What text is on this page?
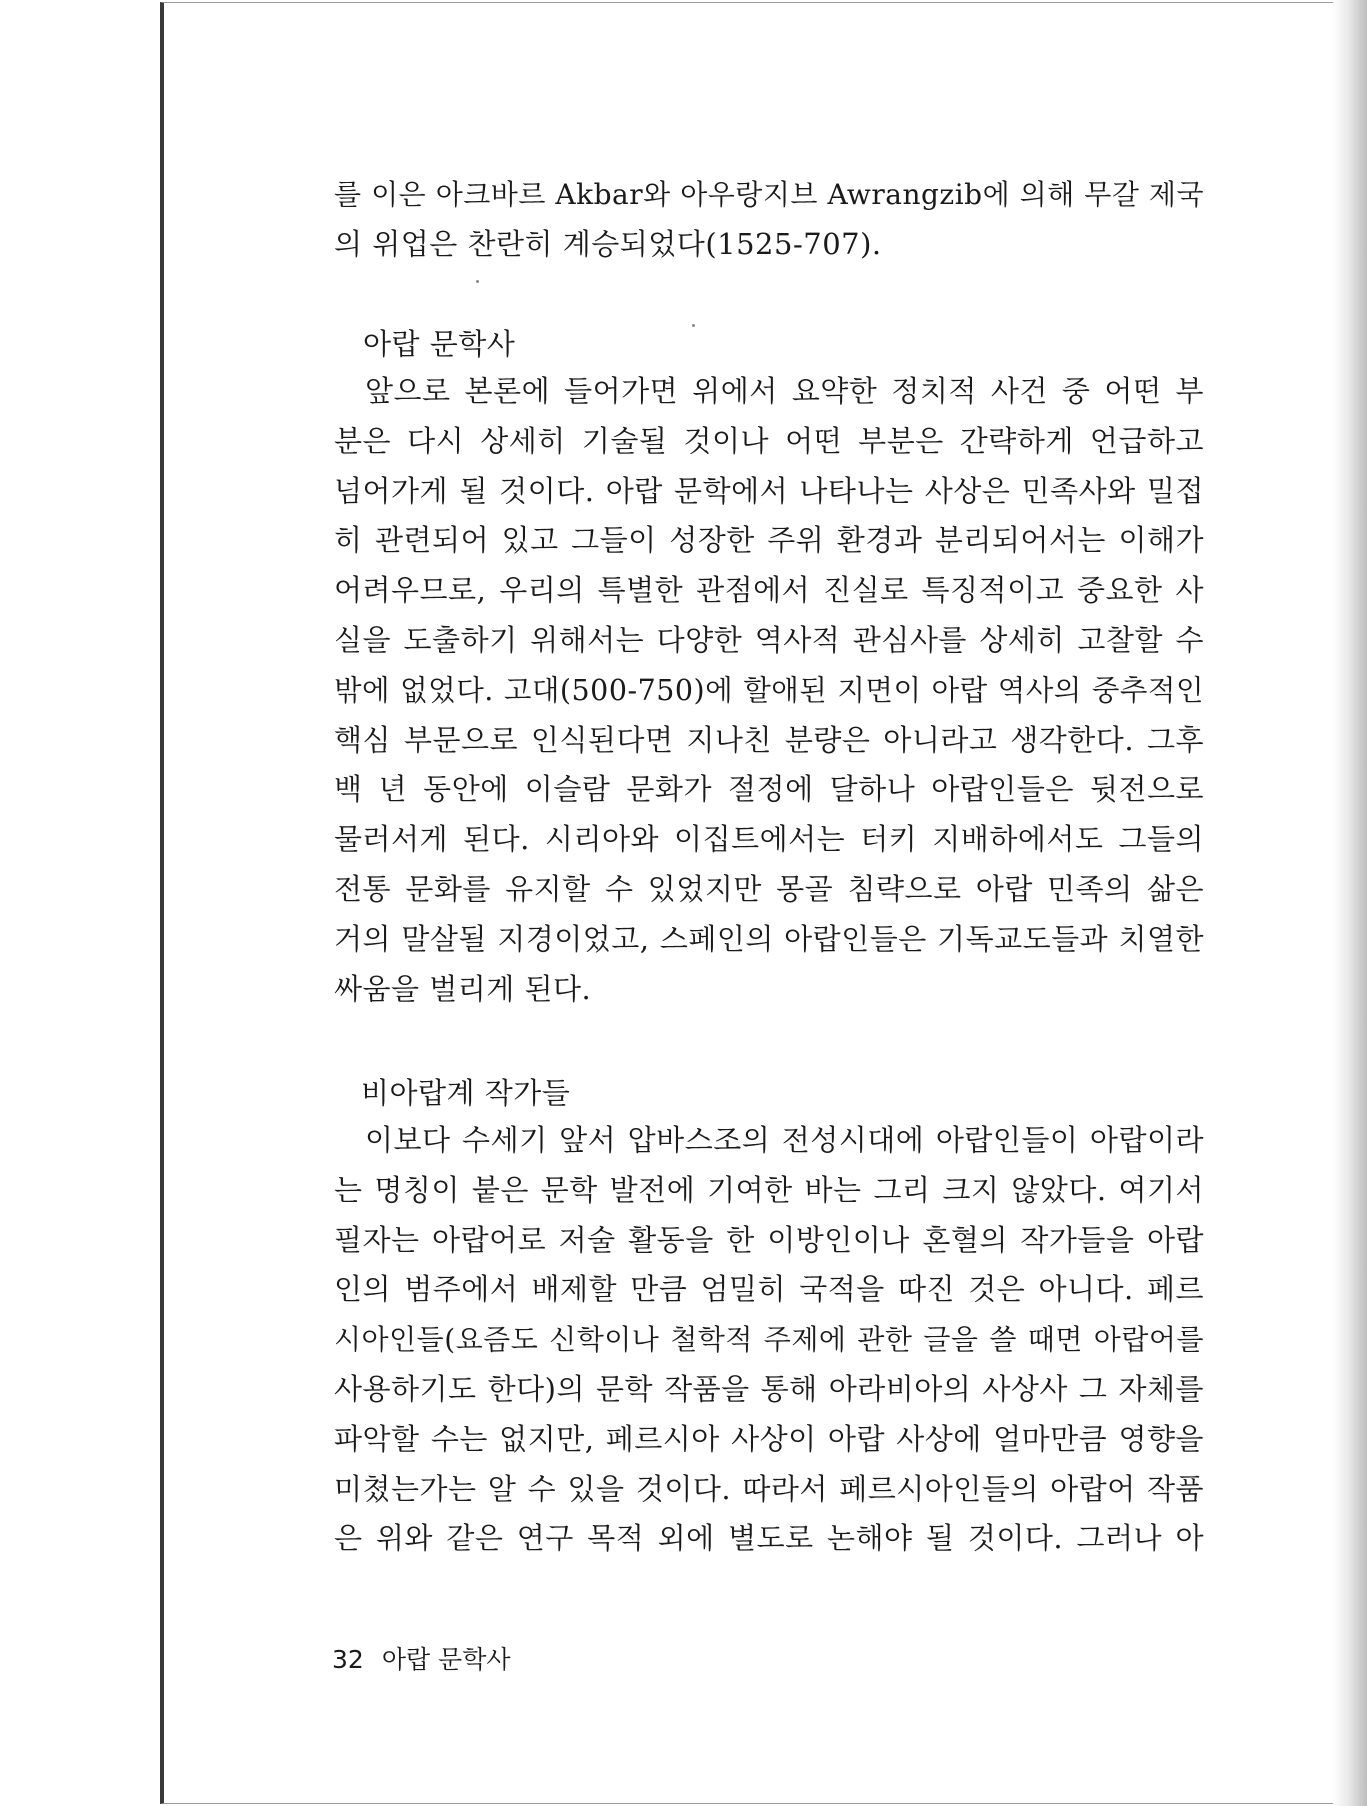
를 이은 아크바르 Akbar와 아우랑지브 Awrangzib에 의해 무갈 제국
의 위업은 찬란히 계승되었다(1525-707).
아랍 문학사
앞으로 본론에 들어가면 위에서 요약한 정치적 사건 중 어떤 부
분은 다시 상세히 기술될 것이나 어떤 부분은 간략하게 언급하고
넘어가게 될 것이다. 아랍 문학에서 나타나는 사상은 민족사와 밀접
히 관련되어 있고 그들이 성장한 주위 환경과 분리되어서는 이해가
어려우므로, 우리의 특별한 관점에서 진실로 특징적이고 중요한 사
실을 도출하기 위해서는 다양한 역사적 관심사를 상세히 고찰할 수
밖에 없었다. 고대(500-750)에 할애된 지면이 아랍 역사의 중추적인
핵심 부문으로 인식된다면 지나친 분량은 아니라고 생각한다. 그후
백 년 동안에 이슬람 문화가 절정에 달하나 아랍인들은 뒷전으로
물러서게 된다. 시리아와 이집트에서는 터키 지배하에서도 그들의
전통 문화를 유지할 수 있었지만 몽골 침략으로 아랍 민족의 삶은
거의 말살될 지경이었고, 스페인의 아랍인들은 기독교도들과 치열한
싸움을 벌리게 된다.
비아랍계 작가들
이보다 수세기 앞서 압바스조의 전성시대에 아랍인들이 아랍이라
는 명칭이 붙은 문학 발전에 기여한 바는 그리 크지 않았다. 여기서
필자는 아랍어로 저술 활동을 한 이방인이나 혼혈의 작가들을 아랍
인의 범주에서 배제할 만큼 엄밀히 국적을 따진 것은 아니다. 페르
시아인들(요즘도 신학이나 철학적 주제에 관한 글을 쓸 때면 아랍어를
사용하기도 한다)의 문학 작품을 통해 아라비아의 사상사 그 자체를
파악할 수는 없지만, 페르시아 사상이 아랍 사상에 얼마만큼 영향을
미쳤는가는 알 수 있을 것이다. 따라서 페르시아인들의 아랍어 작품
은 위와 같은 연구 목적 외에 별도로 논해야 될 것이다. 그러나 아
32 아랍 문학사
